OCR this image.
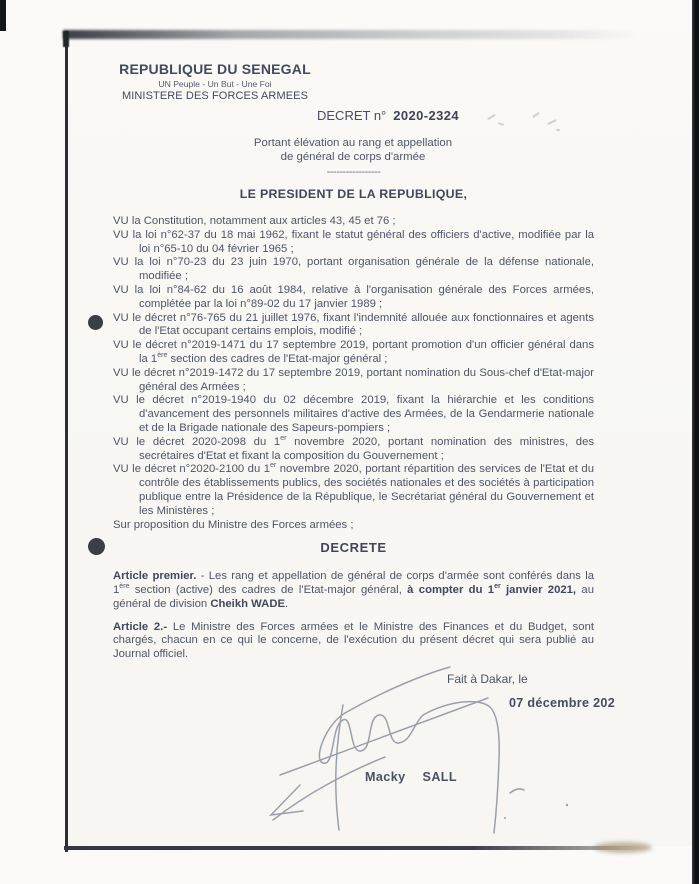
REPUBLIQUE DU SENEGAL
UN Peuple - Un But - Une Foi
MINISTERE DES FORCES ARMEES
DECRET n° 2020-2324
Portant élévation au rang et appellation
de général de corps d'armée
-----------------
LE PRESIDENT DE LA REPUBLIQUE,
VU la Constitution, notamment aux articles 43, 45 et 76 ;
VU la loi n°62-37 du 18 mai 1962, fixant le statut général des officiers d'active, modifiée par la loi n°65-10 du 04 février 1965 ;
VU la loi n°70-23 du 23 juin 1970, portant organisation générale de la défense nationale, modifiée ;
VU la loi n°84-62 du 16 août 1984, relative à l'organisation générale des Forces armées, complétée par la loi n°89-02 du 17 janvier 1989 ;
VU le décret n°76-765 du 21 juillet 1976, fixant l'indemnité allouée aux fonctionnaires et agents de l'Etat occupant certains emplois, modifié ;
VU le décret n°2019-1471 du 17 septembre 2019, portant promotion d'un officier général dans la 1ère section des cadres de l'Etat-major général ;
VU le décret n°2019-1472 du 17 septembre 2019, portant nomination du Sous-chef d'Etat-major général des Armées ;
VU le décret n°2019-1940 du 02 décembre 2019, fixant la hiérarchie et les conditions d'avancement des personnels militaires d'active des Armées, de la Gendarmerie nationale et de la Brigade nationale des Sapeurs-pompiers ;
VU le décret 2020-2098 du 1er novembre 2020, portant nomination des ministres, des secrétaires d'Etat et fixant la composition du Gouvernement ;
VU le décret n°2020-2100 du 1er novembre 2020, portant répartition des services de l'Etat et du contrôle des établissements publics, des sociétés nationales et des sociétés à participation publique entre la Présidence de la République, le Secrétariat général du Gouvernement et les Ministères ;
Sur proposition du Ministre des Forces armées ;
DECRETE
Article premier. - Les rang et appellation de général de corps d'armée sont conférés dans la 1ère section (active) des cadres de l'Etat-major général, à compter du 1er janvier 2021, au général de division Cheikh WADE.
Article 2.- Le Ministre des Forces armées et le Ministre des Finances et du Budget, sont chargés, chacun en ce qui le concerne, de l'exécution du présent décret qui sera publié au Journal officiel.
Fait à Dakar, le
07 décembre 202
Macky SALL
